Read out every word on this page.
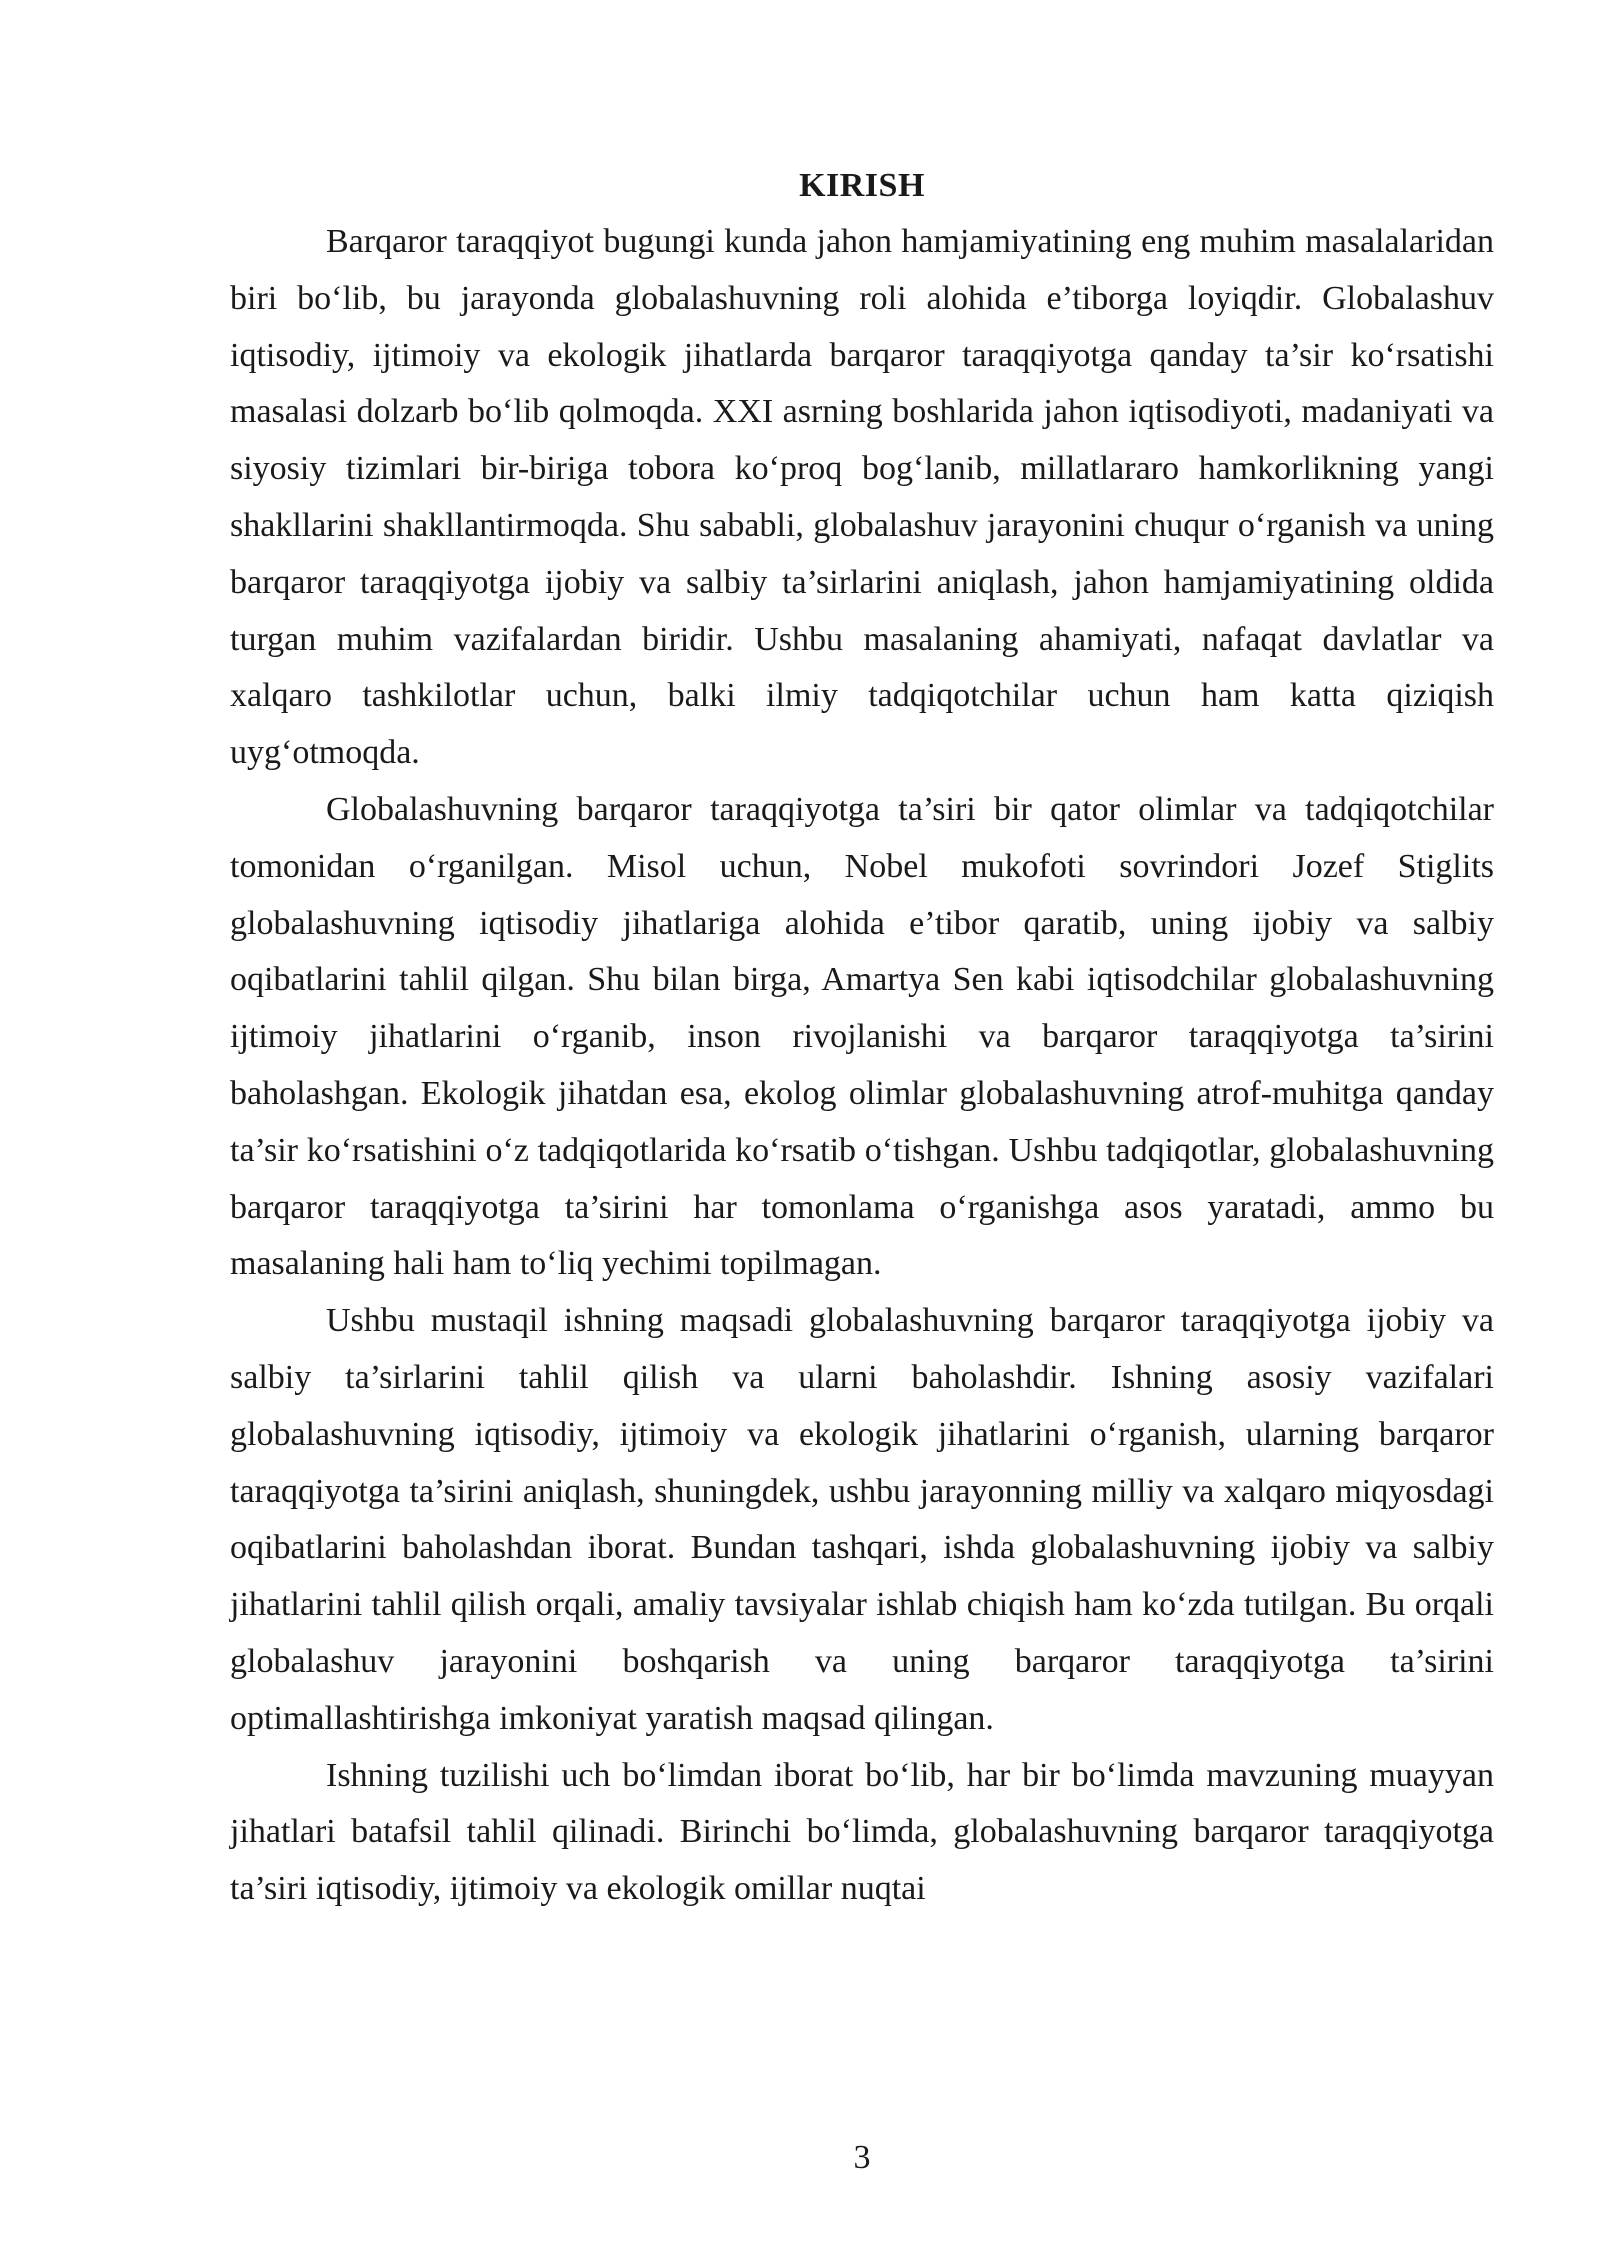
KIRISH

Barqaror taraqqiyot bugungi kunda jahon hamjamiyatining eng muhim masalalaridan biri bo‘lib, bu jarayonda globalashuvning roli alohida e’tiborga loyiqdir. Globalashuv iqtisodiy, ijtimoiy va ekologik jihatlarda barqaror taraqqiyotga qanday ta’sir ko‘rsatishi masalasi dolzarb bo‘lib qolmoqda. XXI asrning boshlarida jahon iqtisodiyoti, madaniyati va siyosiy tizimlari bir-biriga tobora ko‘proq bog‘lanib, millatlararo hamkorlikning yangi shakllarini shakllantirmoqda. Shu sababli, globalashuv jarayonini chuqur o‘rganish va uning barqaror taraqqiyotga ijobiy va salbiy ta’sirlarini aniqlash, jahon hamjamiyatining oldida turgan muhim vazifalardan biridir. Ushbu masalaning ahamiyati, nafaqat davlatlar va xalqaro tashkilotlar uchun, balki ilmiy tadqiqotchilar uchun ham katta qiziqish uyg‘otmoqda.

Globalashuvning barqaror taraqqiyotga ta’siri bir qator olimlar va tadqiqotchilar tomonidan o‘rganilgan. Misol uchun, Nobel mukofoti sovrindori Jozef Stiglits globalashuvning iqtisodiy jihatlariga alohida e’tibor qaratib, uning ijobiy va salbiy oqibatlarini tahlil qilgan. Shu bilan birga, Amartya Sen kabi iqtisodchilar globalashuvning ijtimoiy jihatlarini o‘rganib, inson rivojlanishi va barqaror taraqqiyotga ta’sirini baholashgan. Ekologik jihatdan esa, ekolog olimlar globalashuvning atrof-muhitga qanday ta’sir ko‘rsatishini o‘z tadqiqotlarida ko‘rsatib o‘tishgan. Ushbu tadqiqotlar, globalashuvning barqaror taraqqiyotga ta’sirini har tomonlama o‘rganishga asos yaratadi, ammo bu masalaning hali ham to‘liq yechimi topilmagan.

Ushbu mustaqil ishning maqsadi globalashuvning barqaror taraqqiyotga ijobiy va salbiy ta’sirlarini tahlil qilish va ularni baholashdir. Ishning asosiy vazifalari globalashuvning iqtisodiy, ijtimoiy va ekologik jihatlarini o‘rganish, ularning barqaror taraqqiyotga ta’sirini aniqlash, shuningdek, ushbu jarayonning milliy va xalqaro miqyosdagi oqibatlarini baholashdan iborat. Bundan tashqari, ishda globalashuvning ijobiy va salbiy jihatlarini tahlil qilish orqali, amaliy tavsiyalar ishlab chiqish ham ko‘zda tutilgan. Bu orqali globalashuv jarayonini boshqarish va uning barqaror taraqqiyotga ta’sirini optimallashtirishga imkoniyat yaratish maqsad qilingan.

Ishning tuzilishi uch bo‘limdan iborat bo‘lib, har bir bo‘limda mavzuning muayyan jihatlari batafsil tahlil qilinadi. Birinchi bo‘limda, globalashuvning barqaror taraqqiyotga ta’siri iqtisodiy, ijtimoiy va ekologik omillar nuqtai

3
